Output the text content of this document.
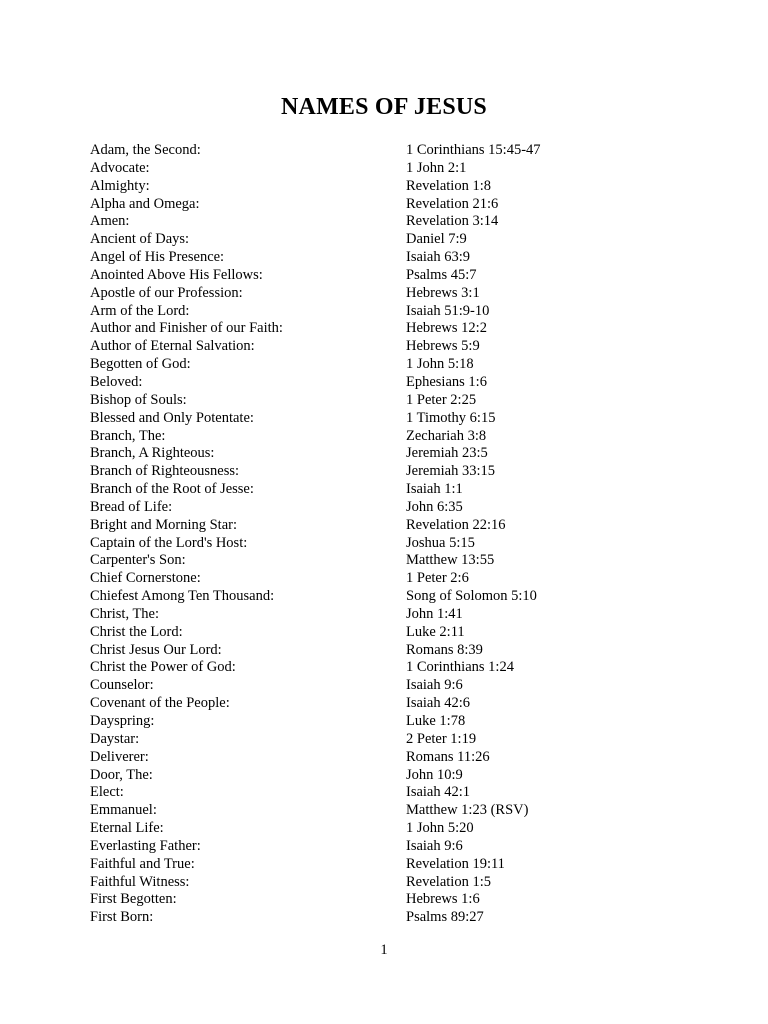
NAMES OF JESUS
Adam, the Second:	1 Corinthians 15:45-47
Advocate:	1 John 2:1
Almighty:	Revelation 1:8
Alpha and Omega:	Revelation 21:6
Amen:	Revelation 3:14
Ancient of Days:	Daniel 7:9
Angel of His Presence:	Isaiah 63:9
Anointed Above His Fellows:	Psalms 45:7
Apostle of our Profession:	Hebrews 3:1
Arm of the Lord:	Isaiah 51:9-10
Author and Finisher of our Faith:	Hebrews 12:2
Author of Eternal Salvation:	Hebrews 5:9
Begotten of God:	1 John 5:18
Beloved:	Ephesians 1:6
Bishop of Souls:	1 Peter 2:25
Blessed and Only Potentate:	1 Timothy 6:15
Branch, The:	Zechariah 3:8
Branch, A Righteous:	Jeremiah 23:5
Branch of Righteousness:	Jeremiah 33:15
Branch of the Root of Jesse:	Isaiah 1:1
Bread of Life:	John 6:35
Bright and Morning Star:	Revelation 22:16
Captain of the Lord's Host:	Joshua 5:15
Carpenter's Son:	Matthew 13:55
Chief Cornerstone:	1 Peter 2:6
Chiefest Among Ten Thousand:	Song of Solomon 5:10
Christ, The:	John 1:41
Christ the Lord:	Luke 2:11
Christ Jesus Our Lord:	Romans 8:39
Christ the Power of God:	1 Corinthians 1:24
Counselor:	Isaiah 9:6
Covenant of the People:	Isaiah 42:6
Dayspring:	Luke 1:78
Daystar:	2 Peter 1:19
Deliverer:	Romans 11:26
Door, The:	John 10:9
Elect:	Isaiah 42:1
Emmanuel:	Matthew 1:23 (RSV)
Eternal Life:	1 John 5:20
Everlasting Father:	Isaiah 9:6
Faithful and True:	Revelation 19:11
Faithful Witness:	Revelation 1:5
First Begotten:	Hebrews 1:6
First Born:	Psalms 89:27
1
